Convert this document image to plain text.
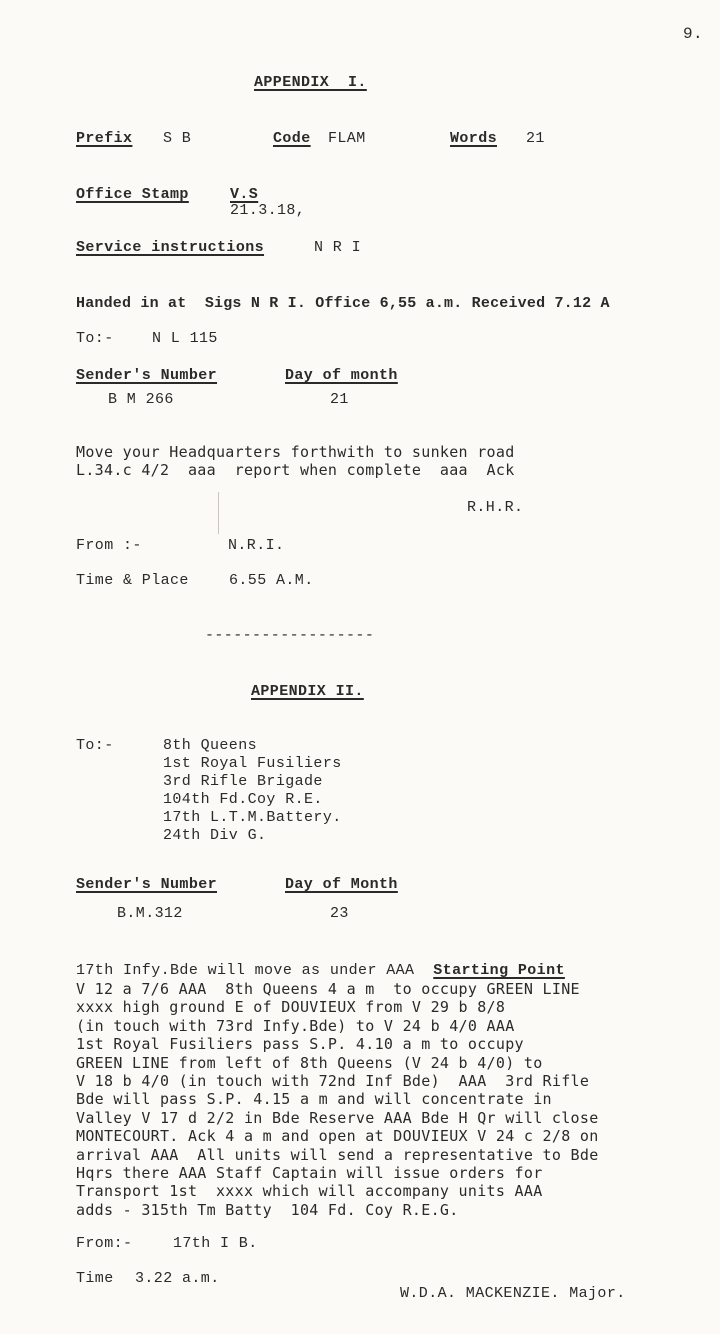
9.
APPENDIX  I.
Prefix S B	Code FLAM	Words 21
Office Stamp	V.S
21.3.18,
Service instructions	N R I
Handed in at  Sigs N R I. Office 6,55 a.m. Received 7.12 A
To:-	N L 115
Sender's Number	Day of month
B M 266	21
Move your Headquarters forthwith to sunken road
L.34.c 4/2  aaa  report when complete  aaa  Ack
R.H.R.
From :-	N.R.I.
Time & Place	6.55 A.M.
------------------
APPENDIX II.
To:-	8th Queens
1st Royal Fusiliers
3rd Rifle Brigade
104th Fd.Coy R.E.
17th L.T.M.Battery.
24th Div G.
Sender's Number	Day of Month
B.M.312	23
17th Infy.Bde will move as under AAA  Starting Point
V 12 a 7/6 AAA  8th Queens 4 a m  to occupy GREEN LINE
xxxx high ground E of DOUVIEUX from V 29 b 8/8
(in touch with 73rd Infy.Bde) to V 24 b 4/0 AAA
1st Royal Fusiliers pass S.P. 4.10 a m to occupy
GREEN LINE from left of 8th Queens (V 24 b 4/0) to
V 18 b 4/0 (in touch with 72nd Inf Bde)  AAA  3rd Rifle
Bde will pass S.P. 4.15 a m and will concentrate in
Valley V 17 d 2/2 in Bde Reserve AAA Bde H Qr will close
MONTECOURT. Ack 4 a m and open at DOUVIEUX V 24 c 2/8 on
arrival AAA  All units will send a representative to Bde
Hqrs there AAA Staff Captain will issue orders for
Transport 1st  xxxx which will accompany units AAA
adds - 315th Tm Batty  104 Fd. Coy R.E.G.
From:-	17th I B.
Time 3.22 a.m.
W.D.A. MACKENZIE. Major.
